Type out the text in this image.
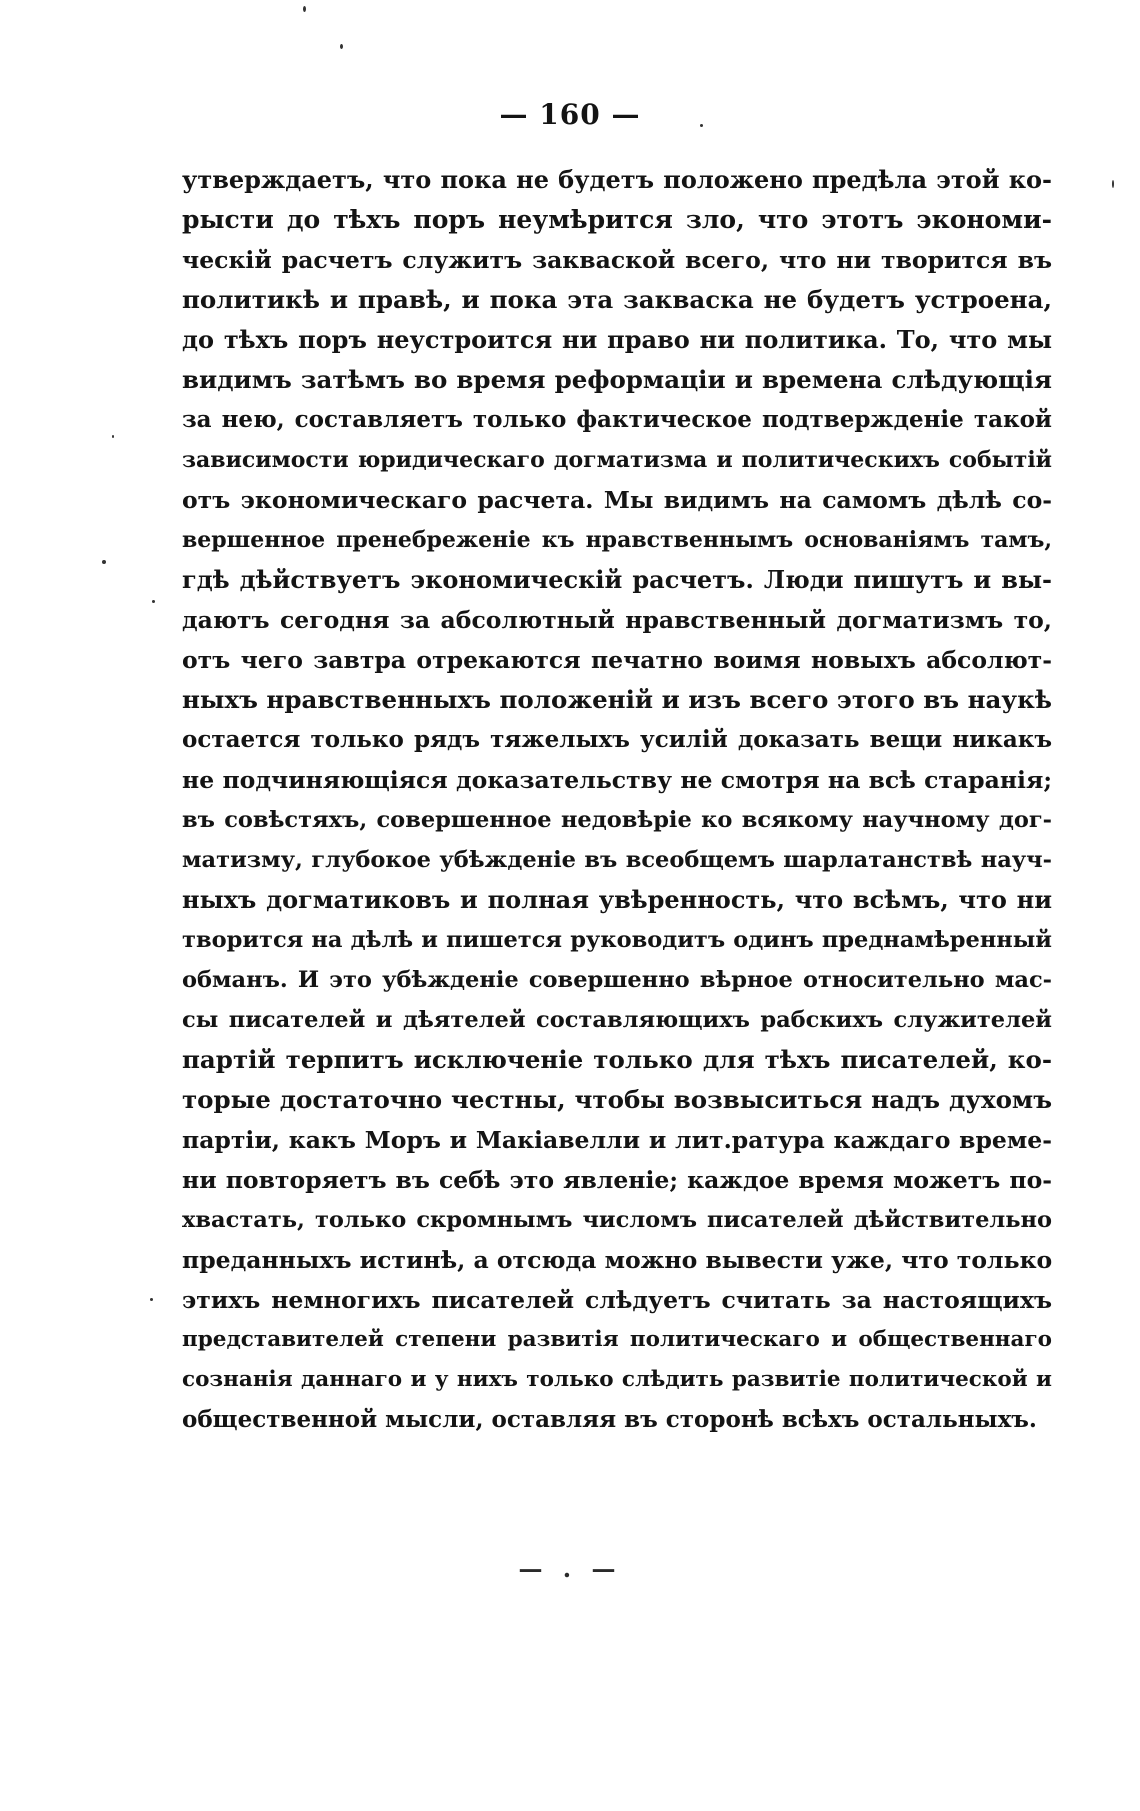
— 160 —
утверждаетъ, что пока не будетъ положено предѣла этой ко-
рысти до тѣхъ поръ неумѣрится зло, что этотъ экономи-
ческій расчетъ служитъ закваской всего, что ни творится въ
политикѣ и правѣ, и пока эта закваска не будетъ устроена,
до тѣхъ поръ неустроится ни право ни политика. То, что мы
видимъ затѣмъ во время реформаціи и времена слѣдующія
за нею, составляетъ только фактическое подтвержденіе такой
зависимости юридическаго догматизма и политическихъ событій
отъ экономическаго расчета. Мы видимъ на самомъ дѣлѣ со-
вершенное пренебреженіе къ нравственнымъ основаніямъ тамъ,
гдѣ дѣйствуетъ экономическій расчетъ. Люди пишутъ и вы-
даютъ сегодня за абсолютный нравственный догматизмъ то,
отъ чего завтра отрекаются печатно воимя новыхъ абсолют-
ныхъ нравственныхъ положеній и изъ всего этого въ наукѣ
остается только рядъ тяжелыхъ усилій доказать вещи никакъ
не подчиняющіяся доказательству не смотря на всѣ старанія;
въ совѣстяхъ, совершенное недовѣріе ко всякому научному дог-
матизму, глубокое убѣжденіе въ всеобщемъ шарлатанствѣ науч-
ныхъ догматиковъ и полная увѣренность, что всѣмъ, что ни
творится на дѣлѣ и пишется руководитъ одинъ преднамѣренный
обманъ. И это убѣжденіе совершенно вѣрное относительно мас-
сы писателей и дѣятелей составляющихъ рабскихъ служителей
партій терпитъ исключеніе только для тѣхъ писателей, ко-
торые достаточно честны, чтобы возвыситься надъ духомъ
партіи, какъ Моръ и Макіавелли и лит.ратура каждаго време-
ни повторяетъ въ себѣ это явленіе; каждое время можетъ по-
хвастать, только скромнымъ числомъ писателей дѣйствительно
преданныхъ истинѣ, а отсюда можно вывести уже, что только
этихъ немногихъ писателей слѣдуетъ считать за настоящихъ
представителей степени развитія политическаго и общественнаго
сознанія даннаго и у нихъ только слѣдить развитіе политической и
общественной мысли, оставляя въ сторонѣ всѣхъ остальныхъ.
— . —
